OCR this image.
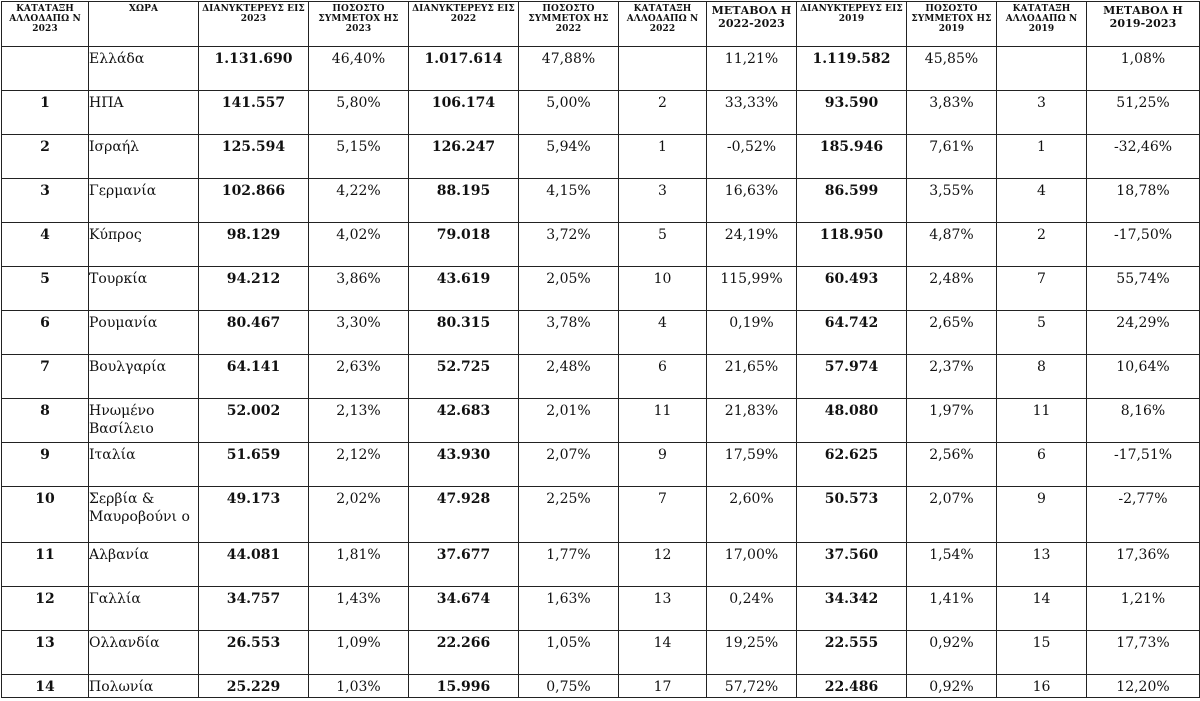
ΚΑΤΑΤΑΞΗ ΑΛΛΟΔΑΠΩ Ν 2023	ΧΩΡΑ	ΔΙΑΝΥΚΤΕΡΕΥΣ ΕΙΣ 2023	ΠΟΣΟΣΤΟ ΣΥΜΜΕΤΟΧ ΗΣ 2023	ΔΙΑΝΥΚΤΕΡΕΥΣ ΕΙΣ 2022	ΠΟΣΟΣΤΟ ΣΥΜΜΕΤΟΧ ΗΣ 2022	ΚΑΤΑΤΑΞΗ ΑΛΛΟΔΑΠΩ Ν 2022	ΜΕΤΑΒΟΛ Η 2022-2023	ΔΙΑΝΥΚΤΕΡΕΥΣ ΕΙΣ 2019	ΠΟΣΟΣΤΟ ΣΥΜΜΕΤΟΧ ΗΣ 2019	ΚΑΤΑΤΑΞΗ ΑΛΛΟΔΑΠΩ Ν 2019	ΜΕΤΑΒΟΛ Η 2019-2023
	Ελλάδα	1.131.690	46,40%	1.017.614	47,88%		11,21%	1.119.582	45,85%		1,08%
1	ΗΠΑ	141.557	5,80%	106.174	5,00%	2	33,33%	93.590	3,83%	3	51,25%
2	Ισραήλ	125.594	5,15%	126.247	5,94%	1	-0,52%	185.946	7,61%	1	-32,46%
3	Γερμανία	102.866	4,22%	88.195	4,15%	3	16,63%	86.599	3,55%	4	18,78%
4	Κύπρος	98.129	4,02%	79.018	3,72%	5	24,19%	118.950	4,87%	2	-17,50%
5	Τουρκία	94.212	3,86%	43.619	2,05%	10	115,99%	60.493	2,48%	7	55,74%
6	Ρουμανία	80.467	3,30%	80.315	3,78%	4	0,19%	64.742	2,65%	5	24,29%
7	Βουλγαρία	64.141	2,63%	52.725	2,48%	6	21,65%	57.974	2,37%	8	10,64%
8	Ηνωμένο Βασίλειο	52.002	2,13%	42.683	2,01%	11	21,83%	48.080	1,97%	11	8,16%
9	Ιταλία	51.659	2,12%	43.930	2,07%	9	17,59%	62.625	2,56%	6	-17,51%
10	Σερβία & Μαυροβούνι ο	49.173	2,02%	47.928	2,25%	7	2,60%	50.573	2,07%	9	-2,77%
11	Αλβανία	44.081	1,81%	37.677	1,77%	12	17,00%	37.560	1,54%	13	17,36%
12	Γαλλία	34.757	1,43%	34.674	1,63%	13	0,24%	34.342	1,41%	14	1,21%
13	Ολλανδία	26.553	1,09%	22.266	1,05%	14	19,25%	22.555	0,92%	15	17,73%
14	Πολωνία	25.229	1,03%	15.996	0,75%	17	57,72%	22.486	0,92%	16	12,20%
